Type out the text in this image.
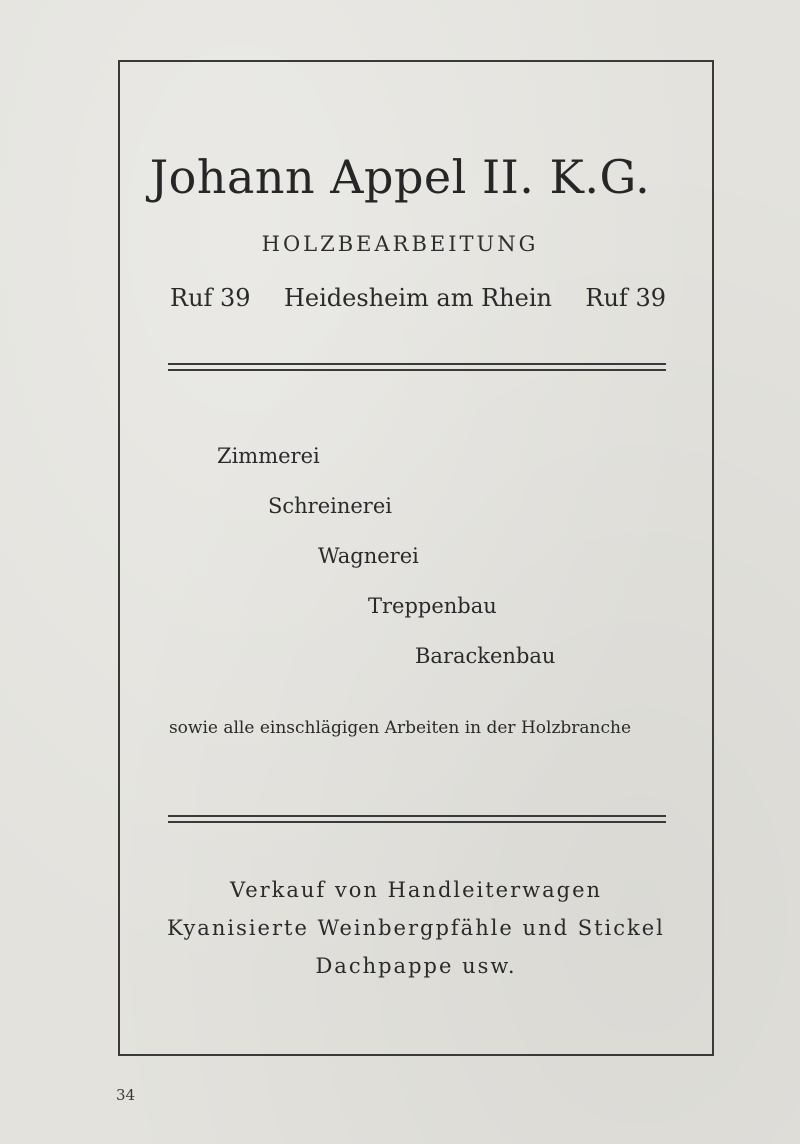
Johann Appel II. K.G.
HOLZBEARBEITUNG
Ruf 39 Heidesheim am Rhein Ruf 39
Zimmerei
Schreinerei
Wagnerei
Treppenbau
Barackenbau
sowie alle einschlägigen Arbeiten in der Holzbranche
Verkauf von Handleiterwagen
Kyanisierte Weinbergpfähle und Stickel
Dachpappe usw.
34
